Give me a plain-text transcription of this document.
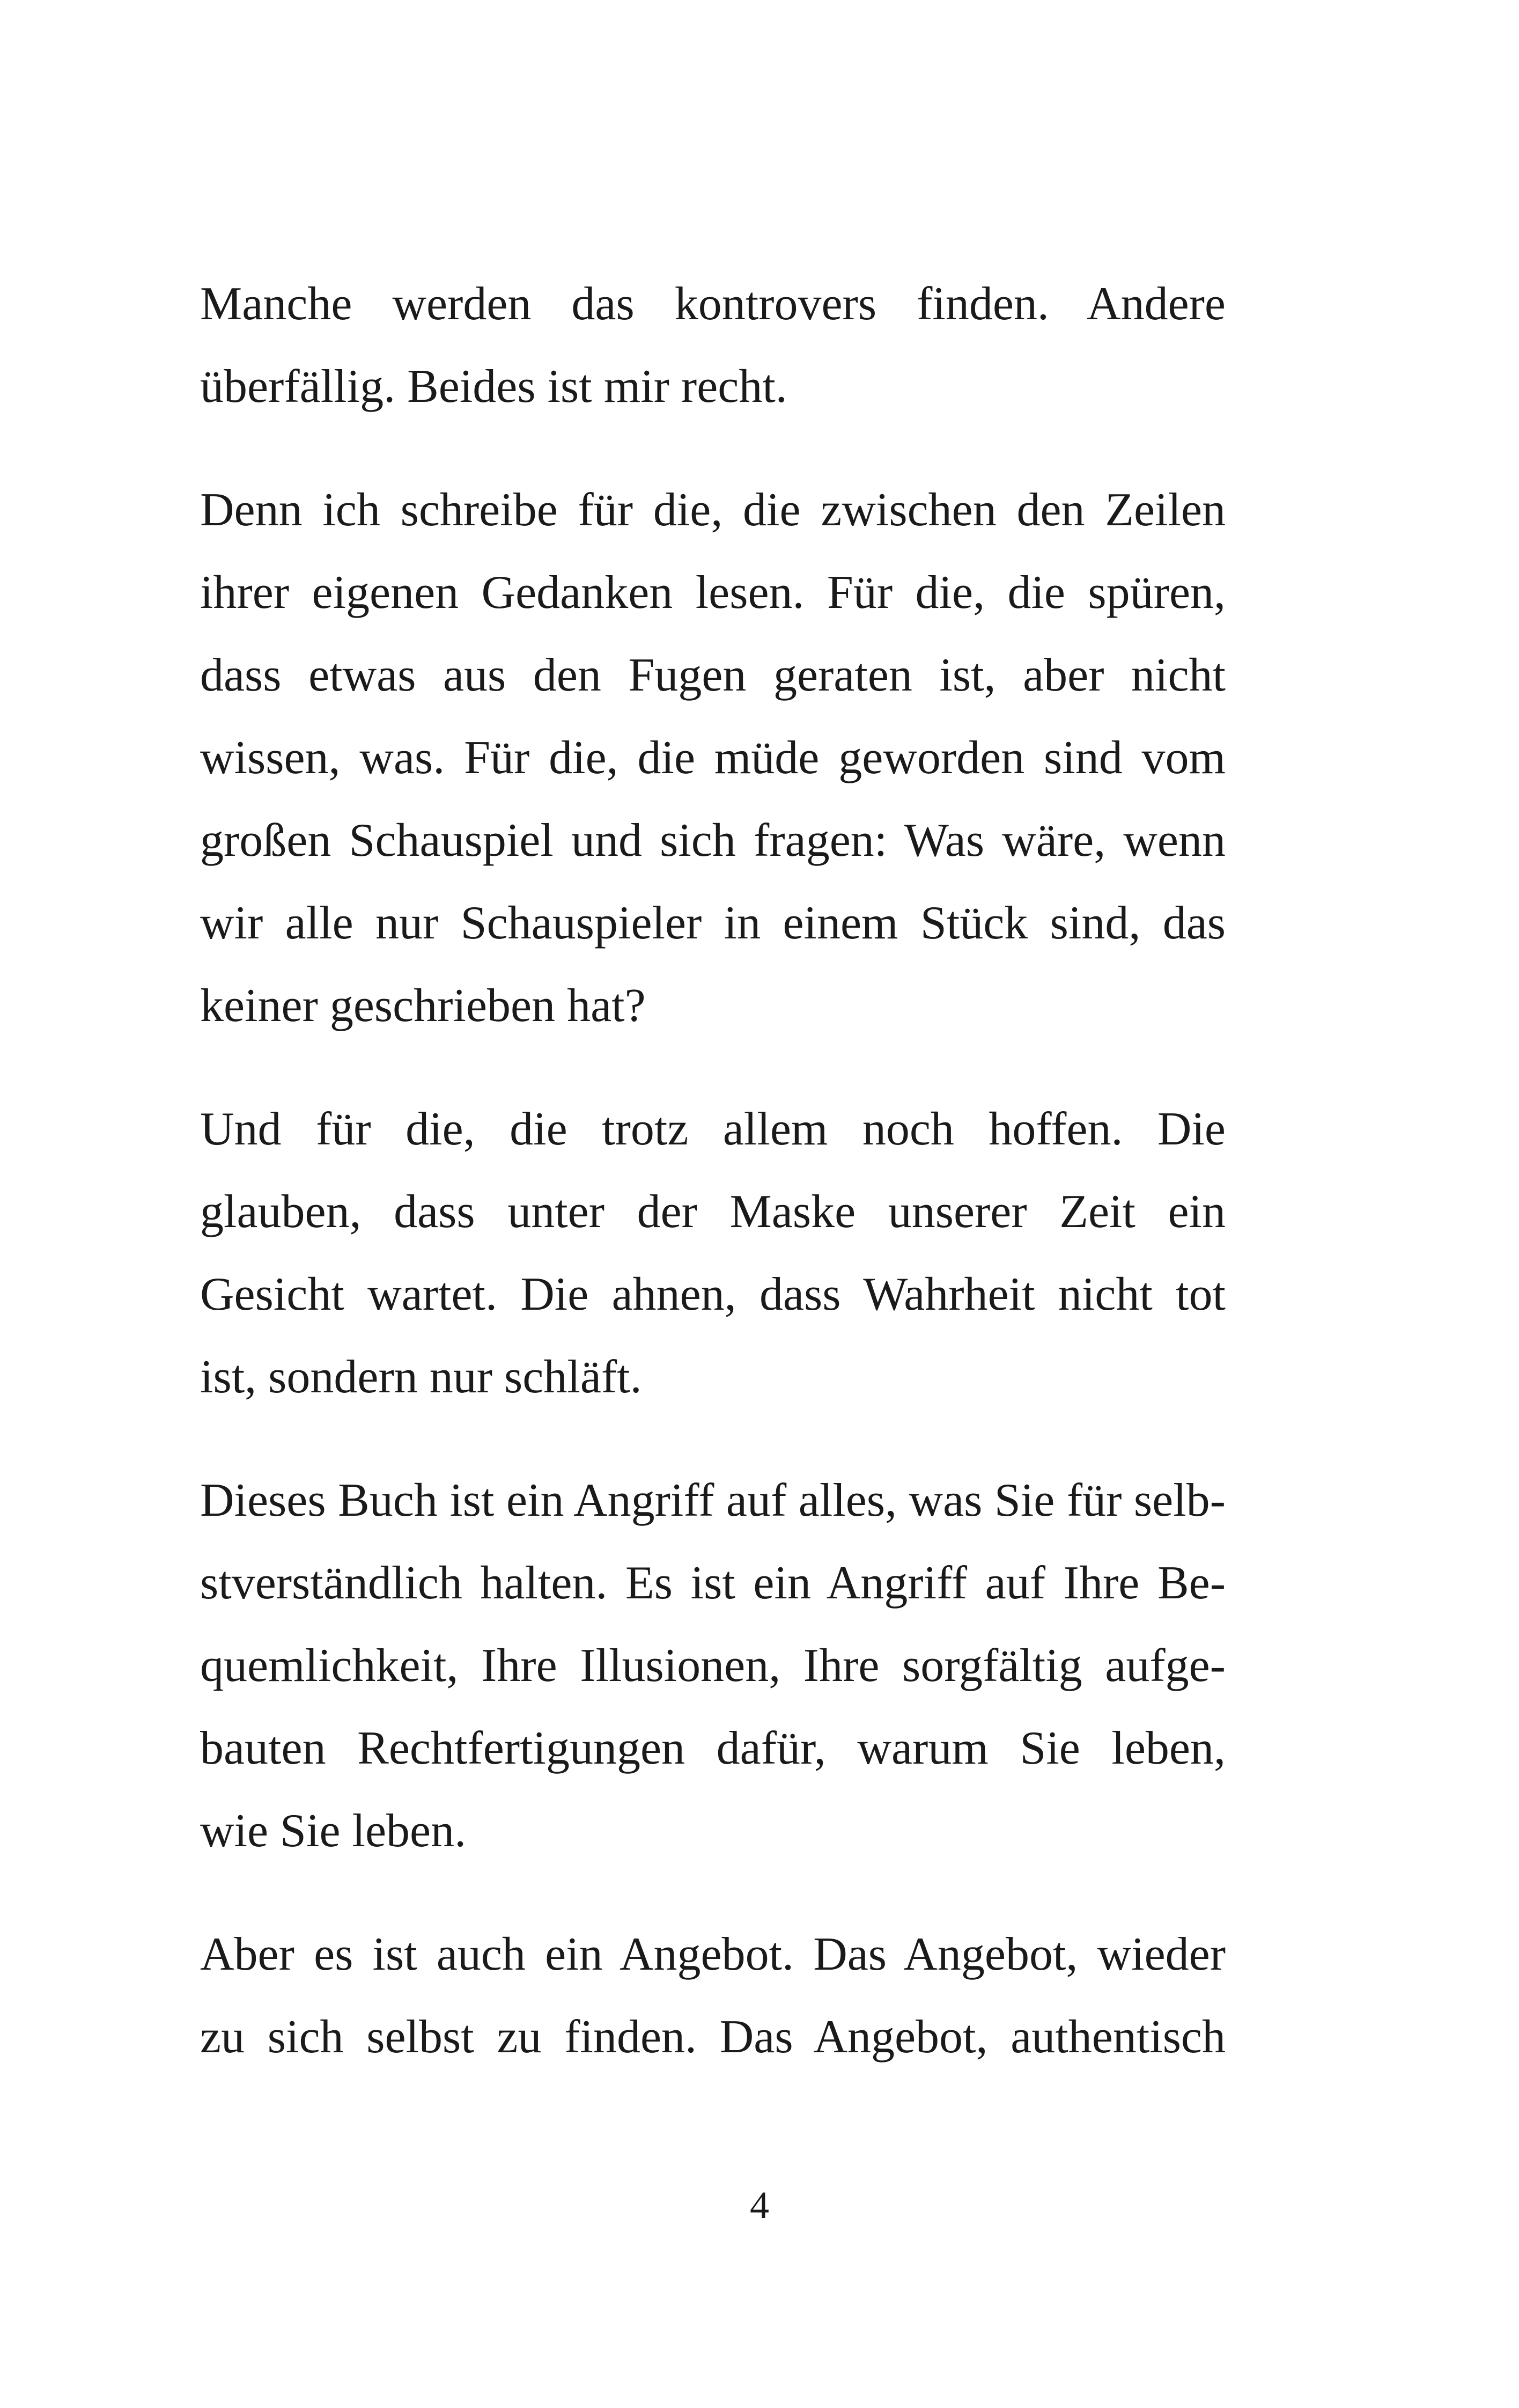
Manche werden das kontrovers finden. Andere
überfällig. Beides ist mir recht.
Denn ich schreibe für die, die zwischen den Zeilen
ihrer eigenen Gedanken lesen. Für die, die spüren,
dass etwas aus den Fugen geraten ist, aber nicht
wissen, was. Für die, die müde geworden sind vom
großen Schauspiel und sich fragen: Was wäre, wenn
wir alle nur Schauspieler in einem Stück sind, das
keiner geschrieben hat?
Und für die, die trotz allem noch hoffen. Die
glauben, dass unter der Maske unserer Zeit ein
Gesicht wartet. Die ahnen, dass Wahrheit nicht tot
ist, sondern nur schläft.
Dieses Buch ist ein Angriff auf alles, was Sie für selb-
stverständlich halten. Es ist ein Angriff auf Ihre Be-
quemlichkeit, Ihre Illusionen, Ihre sorgfältig aufge-
bauten Rechtfertigungen dafür, warum Sie leben,
wie Sie leben.
Aber es ist auch ein Angebot. Das Angebot, wieder
zu sich selbst zu finden. Das Angebot, authentisch
4
